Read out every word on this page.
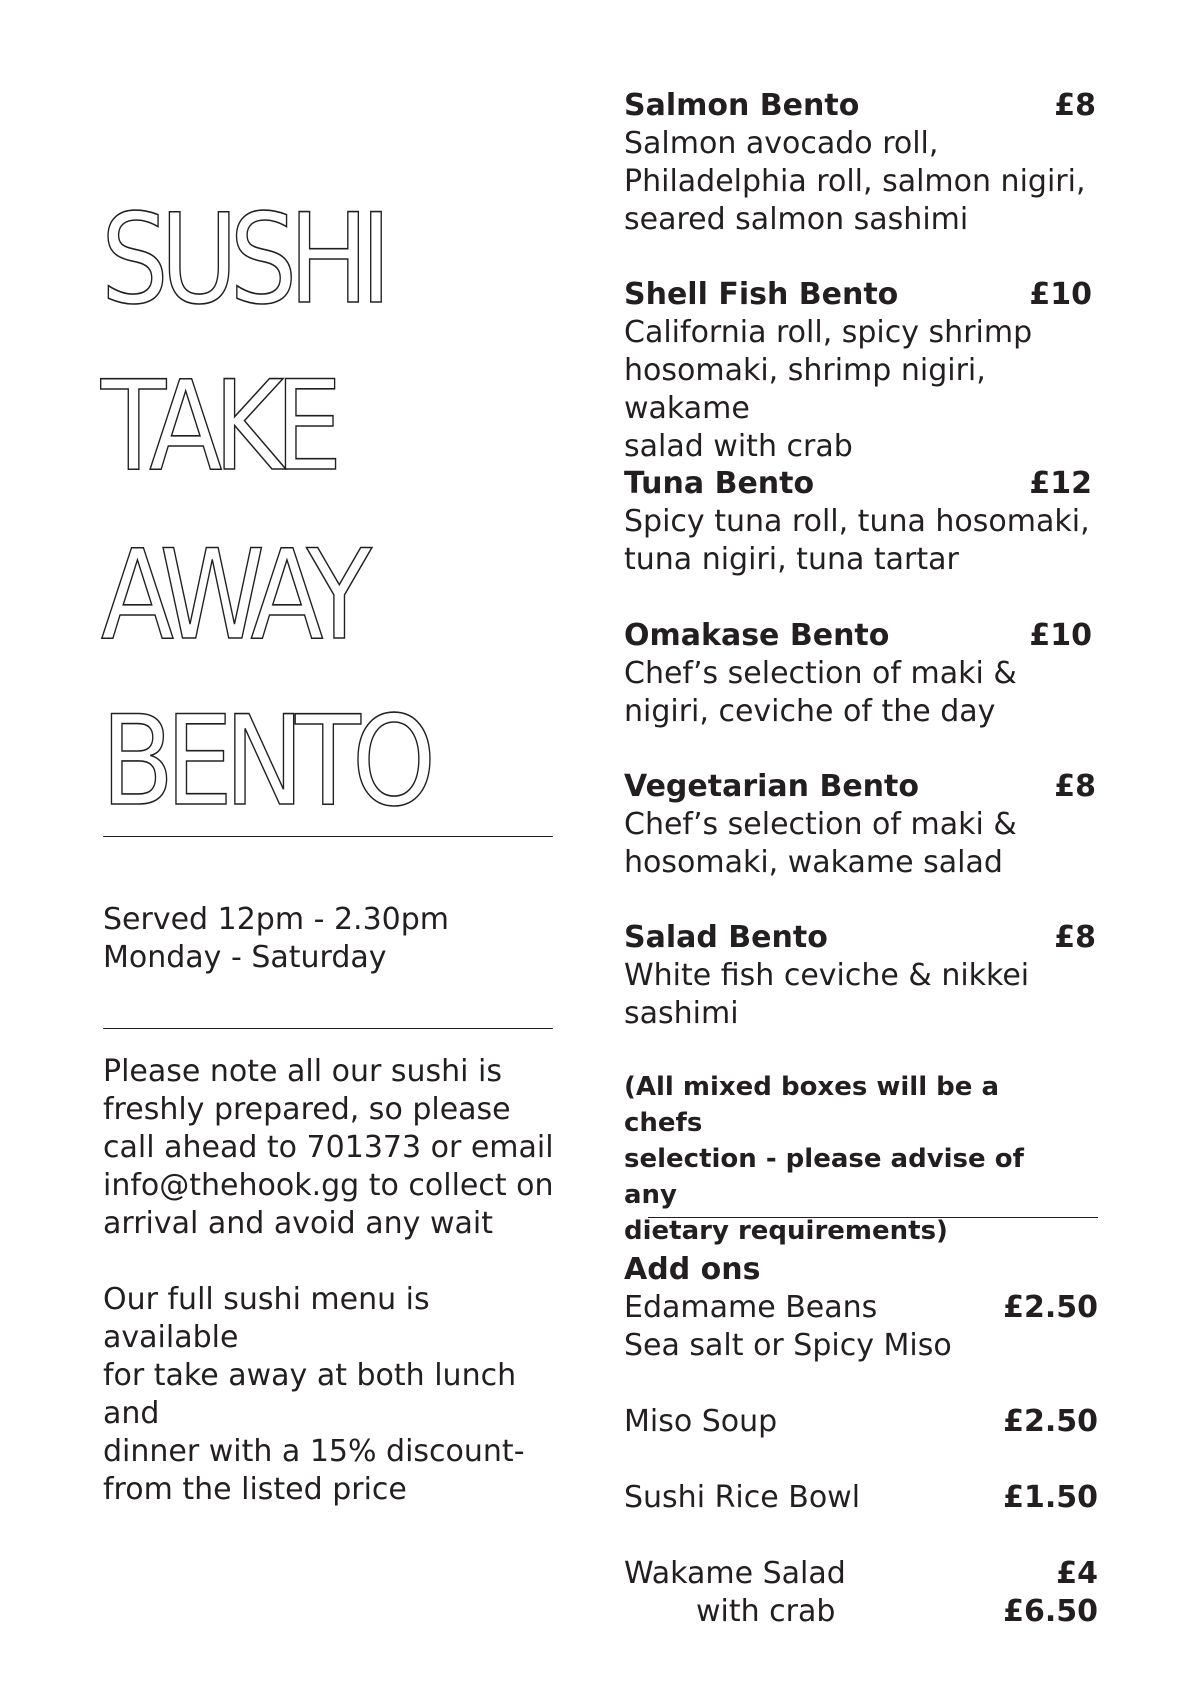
SUSHI
TAKE
AWAY
BENTO
Served 12pm - 2.30pm
Monday - Saturday
Please note all our sushi is
freshly prepared, so please
call ahead to 701373 or email
info@thehook.gg to collect on
arrival and avoid any wait
Our full sushi menu is available
for take away at both lunch and
dinner with a 15% discount-
from the listed price
Salmon Bento	£8
Salmon avocado roll,
Philadelphia roll, salmon nigiri,
seared salmon sashimi
Shell Fish Bento	£10
California roll, spicy shrimp
hosomaki, shrimp nigiri, wakame
salad with crab
Tuna Bento	£12
Spicy tuna roll, tuna hosomaki,
tuna nigiri, tuna tartar
Omakase Bento	£10
Chef’s selection of maki &
nigiri, ceviche of the day
Vegetarian Bento	£8
Chef’s selection of maki &
hosomaki, wakame salad
Salad Bento	£8
White fish ceviche & nikkei
sashimi
(All mixed boxes will be a chefs
selection - please advise of any
dietary requirements)
Add ons
Edamame Beans	£2.50
Sea salt or Spicy Miso
Miso Soup	£2.50
Sushi Rice Bowl	£1.50
Wakame Salad	£4
with crab	£6.50
